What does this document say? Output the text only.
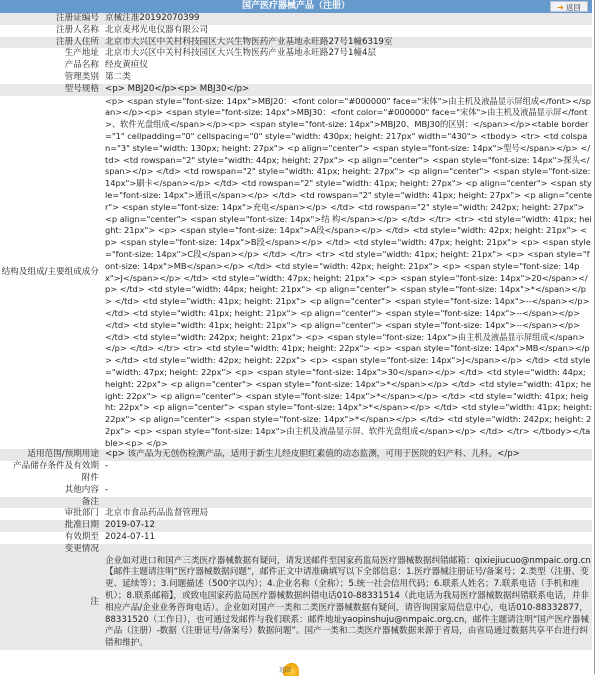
国产医疗器械产品（注册）	➜ 返回
注册证编号	京械注准20192070399
注册人名称	北京麦邦光电仪器有限公司
注册人住所	北京市大兴区中关村科技园区大兴生物医药产业基地永旺路27号1幢6319室
生产地址	北京市大兴区中关村科技园区大兴生物医药产业基地永旺路27号1幢4层
产品名称	经皮黄疸仪
管理类别	第二类
型号规格	<p> MBJ20</p><p> MBJ30</p>
结构及组成/主要组成成分	<p> <span style="font-size: 14px">MBJ20：<font color="#000000" face="宋体">由主机及液晶显示屏组成</font></span></p><p> <span style="font-size: 14px">MBJ30：<font color="#000000" face="宋体">由主机及液晶显示屏</font>、软件光盘组成</span></p><p> <span style="font-size: 14px">MBJ20、MBJ30的区别：</span></p><table border="1" cellpadding="0" cellspacing="0" style="width: 430px; height: 217px" width="430"> <tbody> <tr> <td colspan="3" style="width: 130px; height: 27px"> <p align="center"> <span style="font-size: 14px">型号</span></p> </td> <td rowspan="2" style="width: 44px; height: 27px"> <p align="center"> <span style="font-size: 14px">探头</span></p> </td> <td rowspan="2" style="width: 41px; height: 27px"> <p align="center"> <span style="font-size: 14px">刷卡</span></p> </td> <td rowspan="2" style="width: 41px; height: 27px"> <p align="center"> <span style="font-size: 14px">通讯</span></p> </td> <td rowspan="2" style="width: 41px; height: 27px"> <p align="center"> <span style="font-size: 14px">充电</span></p> </td> <td rowspan="2" style="width: 242px; height: 27px"> <p align="center"> <span style="font-size: 14px">结 构</span></p> </td> </tr> <tr> <td style="width: 41px; height: 21px"> <p> <span style="font-size: 14px">A段</span></p> </td> <td style="width: 42px; height: 21px"> <p> <span style="font-size: 14px">B段</span></p> </td> <td style="width: 47px; height: 21px"> <p> <span style="font-size: 14px">C段</span></p> </td> </tr> <tr> <td style="width: 41px; height: 21px"> <p> <span style="font-size: 14px">MB</span></p> </td> <td style="width: 42px; height: 21px"> <p> <span style="font-size: 14px">J</span></p> </td> <td style="width: 47px; height: 21px"> <p> <span style="font-size: 14px">20</span></p> </td> <td style="width: 44px; height: 21px"> <p align="center"> <span style="font-size: 14px">*</span></p> </td> <td style="width: 41px; height: 21px"> <p align="center"> <span style="font-size: 14px">--</span></p> </td> <td style="width: 41px; height: 21px"> <p align="center"> <span style="font-size: 14px">--</span></p> </td> <td style="width: 41px; height: 21px"> <p align="center"> <span style="font-size: 14px">--</span></p> </td> <td style="width: 242px; height: 21px"> <p> <span style="font-size: 14px">由主机及液晶显示屏组成</span></p> </td> </tr> <tr> <td style="width: 41px; height: 22px"> <p> <span style="font-size: 14px">MB</span></p> </td> <td style="width: 42px; height: 22px"> <p> <span style="font-size: 14px">J</span></p> </td> <td style="width: 47px; height: 22px"> <p> <span style="font-size: 14px">30</span></p> </td> <td style="width: 44px; height: 22px"> <p align="center"> <span style="font-size: 14px">*</span></p> </td> <td style="width: 41px; height: 22px"> <p align="center"> <span style="font-size: 14px">*</span></p> </td> <td style="width: 41px; height: 22px"> <p align="center"> <span style="font-size: 14px">*</span></p> </td> <td style="width: 41px; height: 22px"> <p align="center"> <span style="font-size: 14px">*</span></p> </td> <td style="width: 242px; height: 22px"> <p> <span style="font-size: 14px">由主机及液晶显示屏、软件光盘组成</span></p> </td> </tr> </tbody></table><p> </p>
适用范围/预期用途	<p> 该产品为无创伤检测产品，适用于新生儿经皮胆红素值的动态监测，可用于医院的妇产科、儿科。</p>
产品储存条件及有效期	-
附件	
其他内容	-
备注	
审批部门	北京市食品药品监督管理局
批准日期	2019-07-12
有效期至	2024-07-11
变更情况	
注	企业如对进口和国产三类医疗器械数据有疑问，请发送邮件至国家药监局医疗器械数据纠错邮箱：qixiejiucuo@nmpaic.org.cn【邮件主题请注明“医疗器械数据问题”，邮件正文中请准确填写以下全部信息：1.医疗器械注册证号/备案号；2.类型（注册、变更、延续等）；3.问题描述（500字以内）；4.企业名称（全称）；5.统一社会信用代码；6.联系人姓名；7.联系电话（手机和座机）；8.联系邮箱】，或致电国家药监局医疗器械数据纠错电话010-88331514（此电话为我局医疗器械数据纠错联系电话，并非相应产品/企业业务咨询电话）。企业如对国产一类和二类医疗器械数据有疑问，请咨询国家局信息中心，电话010-88332877，88331520（工作日），也可通过发邮件与我们联系：邮件地址yaopinshuju@nmpaic.org.cn，邮件主题请注明“国产医疗器械产品（注册）-数据（注册证号/备案号）数据问题”。国产一类和二类医疗器械数据来源于省局，由省局通过数据共享平台进行纠错和维护。
返回
